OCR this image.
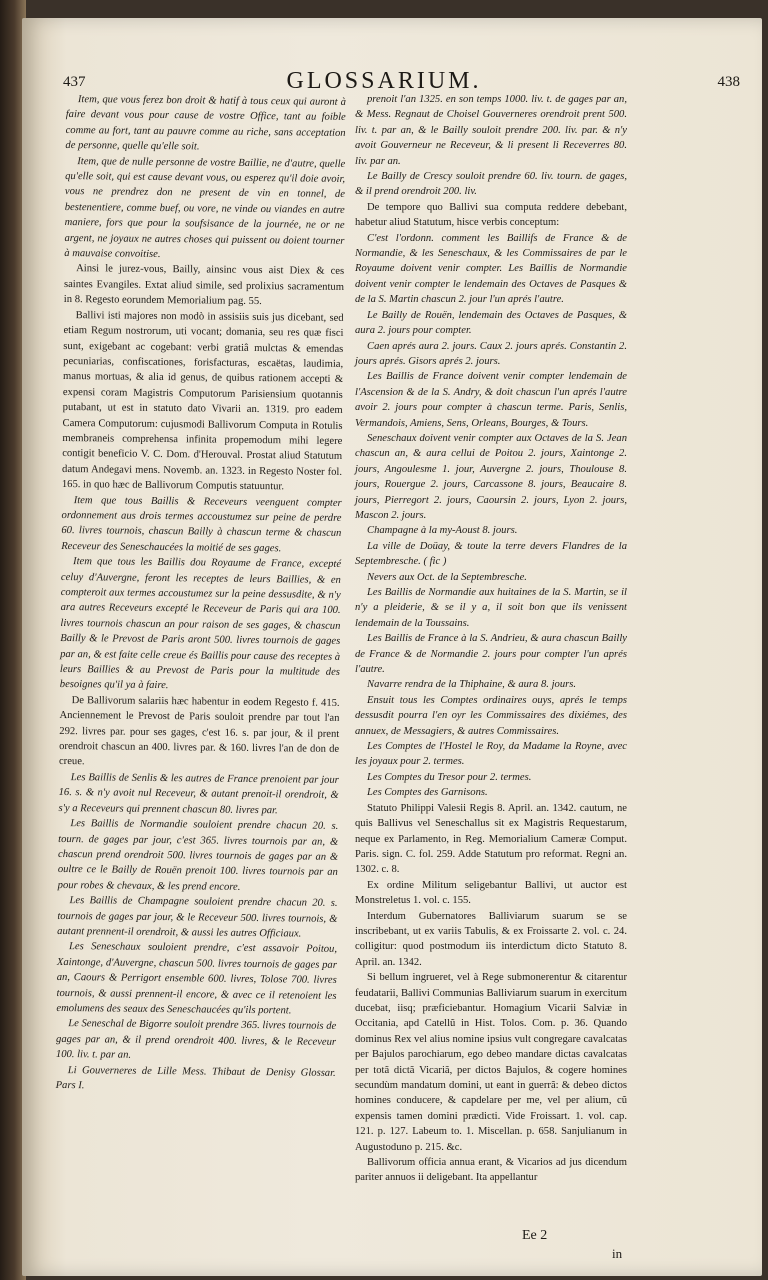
437	GLOSSARIUM.	438

Item, que vous ferez bon droit & hatif à tous ceux qui auront à faire devant vous pour cause de vostre Office, tant au foible comme au fort, tant au pauvre comme au riche, sans acceptation de personne, quelle qu'elle soit.

Item, que de nulle personne de vostre Baillie, ne d'autre, quelle qu'elle soit, qui est cause devant vous, ou esperez qu'il doie avoir, vous ne prendrez don ne present de vin en tonnel, de bestenentiere, comme buef, ou vore, ne vinde ou viandes en autre maniere, fors que pour la soufsisance de la journée, ne or ne argent, ne joyaux ne autres choses qui puissent ou doient tourner à mauvaise convoitise.

Ainsi le jurez-vous, Bailly, ainsinc vous aist Diex & ces saintes Evangiles. Extat aliud simile, sed prolixius sacramentum in 8. Regesto eorundem Memorialium pag. 55.

Ballivi isti majores non modò in assisiis suis jus dicebant, sed etiam Regum nostrorum, uti vocant; domania, seu res quæ fisci sunt, exigebant ac cogebant: verbi gratiâ mulctas & emendas pecuniarias, confiscationes, forisfacturas, escaëtas, laudimia, manus mortuas, & alia id genus, de quibus rationem accepti & expensi coram Magistris Computorum Parisiensium quotannis putabant, ut est in statuto dato Vivarii an. 1319. pro eadem Camera Computorum: cujusmodi Ballivorum Computa in Rotulis membraneis comprehensa infinita propemodum mihi legere contigit beneficio V. C. Dom. d'Herouval. Prostat aliud Statutum datum Andegavi mens. Novemb. an. 1323. in Regesto Noster fol. 165. in quo hæc de Ballivorum Computis statuuntur.

Item que tous Baillis & Receveurs veenguent compter ordonnement aus drois termes accoustumez sur peine de perdre 60. livres tournois, chascun Bailly à chascun terme & chascun Receveur des Seneschaucées la moitié de ses gages.

Item que tous les Baillis dou Royaume de France, excepté celuy d'Auvergne, feront les receptes de leurs Baillies, & en compteroit aux termes accoustumez sur la peine dessusdite, & n'y ara autres Receveurs excepté le Receveur de Paris qui ara 100. livres tournois chascun an pour raison de ses gages, & chascun Bailly & le Prevost de Paris aront 500. livres tournois de gages par an, & est faite celle creue és Baillis pour cause des receptes à leurs Baillies & au Prevost de Paris pour la multitude des besoignes qu'il ya à faire.

De Ballivorum salariis hæc habentur in eodem Regesto f. 415. Anciennement le Prevost de Paris souloit prendre par tout l'an 292. livres par. pour ses gages, c'est 16. s. par jour, & il prent orendroit chascun an 400. livres par. & 160. livres l'an de don de creue.

Les Baillis de Senlis & les autres de France prenoient par jour 16. s. & n'y avoit nul Receveur, & autant prenoit-il orendroit, & s'y a Receveurs qui prennent chascun 80. livres par.

Les Baillis de Normandie souloient prendre chacun 20. s. tourn. de gages par jour, c'est 365. livres tournois par an, & chascun prend orendroit 500. livres tournois de gages par an & oultre ce le Bailly de Rouën prenoit 100. livres tournois par an pour robes & chevaux, & les prend encore.

Les Baillis de Champagne souloient prendre chacun 20. s. tournois de gages par jour, & le Receveur 500. livres tournois, & autant prennent-il orendroit, & aussi les autres Officiaux.

Les Seneschaux souloient prendre, c'est assavoir Poitou, Xaintonge, d'Auvergne, chascun 500. livres tournois de gages par an, Caours & Perrigort ensemble 600. livres, Tolose 700. livres tournois, & aussi prennent-il encore, & avec ce il retenoient les emolumens des seaux des Seneschaucées qu'ils portent.

Le Seneschal de Bigorre souloit prendre 365. livres tournois de gages par an, & il prend orendroit 400. livres, & le Receveur 100. liv. t. par an.

Li Gouverneres de Lille Mess. Thibaut de Denisy Glossar. Pars I.

prenoit l'an 1325. en son temps 1000. liv. t. de gages par an, & Mess. Regnaut de Choisel Gouverneres orendroit prent 500. liv. t. par an, & le Bailly souloit prendre 200. liv. par. & n'y avoit Gouverneur ne Receveur, & li present li Receverres 80. liv. par an.

Le Bailly de Crescy souloit prendre 60. liv. tourn. de gages, & il prend orendroit 200. liv.

De tempore quo Ballivi sua computa reddere debebant, habetur aliud Statutum, hisce verbis conceptum:

C'est l'ordonn. comment les Baillifs de France & de Normandie, & les Seneschaux, & les Commissaires de par le Royaume doivent venir compter. Les Baillis de Normandie doivent venir compter le lendemain des Octaves de Pasques & de la S. Martin chascun 2. jour l'un aprés l'autre.

Le Bailly de Rouën, lendemain des Octaves de Pasques, & aura 2. jours pour compter.

Caen aprés aura 2. jours. Caux 2. jours aprés. Constantin 2. jours aprés. Gisors aprés 2. jours.

Les Baillis de France doivent venir compter lendemain de l'Ascension & de la S. Andry, & doit chascun l'un aprés l'autre avoir 2. jours pour compter à chascun terme. Paris, Senlis, Vermandois, Amiens, Sens, Orleans, Bourges, & Tours.

Seneschaux doivent venir compter aux Octaves de la S. Jean chascun an, & aura cellui de Poitou 2. jours, Xaintonge 2. jours, Angoulesme 1. jour, Auvergne 2. jours, Thoulouse 8. jours, Rouergue 2. jours, Carcassone 8. jours, Beaucaire 8. jours, Pierregort 2. jours, Caoursin 2. jours, Lyon 2. jours, Mascon 2. jours.

Champagne à la my-Aoust 8. jours.

La ville de Doüay, & toute la terre devers Flandres de la Septembresche. ( fic )

Nevers aux Oct. de la Septembresche.

Les Baillis de Normandie aux huitaines de la S. Martin, se il n'y a pleiderie, & se il y a, il soit bon que ils venissent lendemain de la Toussains.

Les Baillis de France à la S. Andrieu, & aura chascun Bailly de France & de Normandie 2. jours pour compter l'un aprés l'autre.

Navarre rendra de la Thiphaine, & aura 8. jours.

Ensuit tous les Comptes ordinaires ouys, aprés le temps dessusdit pourra l'en oyr les Commissaires des dixiémes, des annuex, de Messagiers, & autres Commissaires.

Les Comptes de l'Hostel le Roy, da Madame la Royne, avec les joyaux pour 2. termes.

Les Comptes du Tresor pour 2. termes.

Les Comptes des Garnisons.

Statuto Philippi Valesii Regis 8. April. an. 1342. cautum, ne quis Ballivus vel Seneschallus sit ex Magistris Requestarum, neque ex Parlamento, in Reg. Memorialium Cameræ Comput. Paris. sign. C. fol. 259. Adde Statutum pro reformat. Regni an. 1302. c. 8.

Ex ordine Militum seligebantur Ballivi, ut auctor est Monstreletus 1. vol. c. 155.

Interdum Gubernatores Balliviarum suarum se se inscribebant, ut ex variis Tabulis, & ex Froissarte 2. vol. c. 24. colligitur: quod postmodum iis interdictum dicto Statuto 8. April. an. 1342.

Si bellum ingrueret, vel à Rege submonerentur & citarentur feudatarii, Ballivi Communias Balliviarum suarum in exercitum ducebat, iisq; præficiebantur. Homagium Vicarii Salviæ in Occitania, apd Catellũ in Hist. Tolos. Com. p. 36. Quando dominus Rex vel alius nomine ipsius vult congregare cavalcatas per Bajulos parochiarum, ego debeo mandare dictas cavalcatas per totã dictã Vicariã, per dictos Bajulos, & cogere homines secundùm mandatum domini, ut eant in guerrã: & debeo dictos homines conducere, & capdelare per me, vel per alium, cũ expensis tamen domini prædicti. Vide Froissart. 1. vol. cap. 121. p. 127. Labeum to. 1. Miscellan. p. 658. Sanjulianum in Augustoduno p. 215. &c.

Ballivorum officia annua erant, & Vicarios ad jus dicendum pariter annuos ii deligebant. Ita appellantur

Ee 2
in
